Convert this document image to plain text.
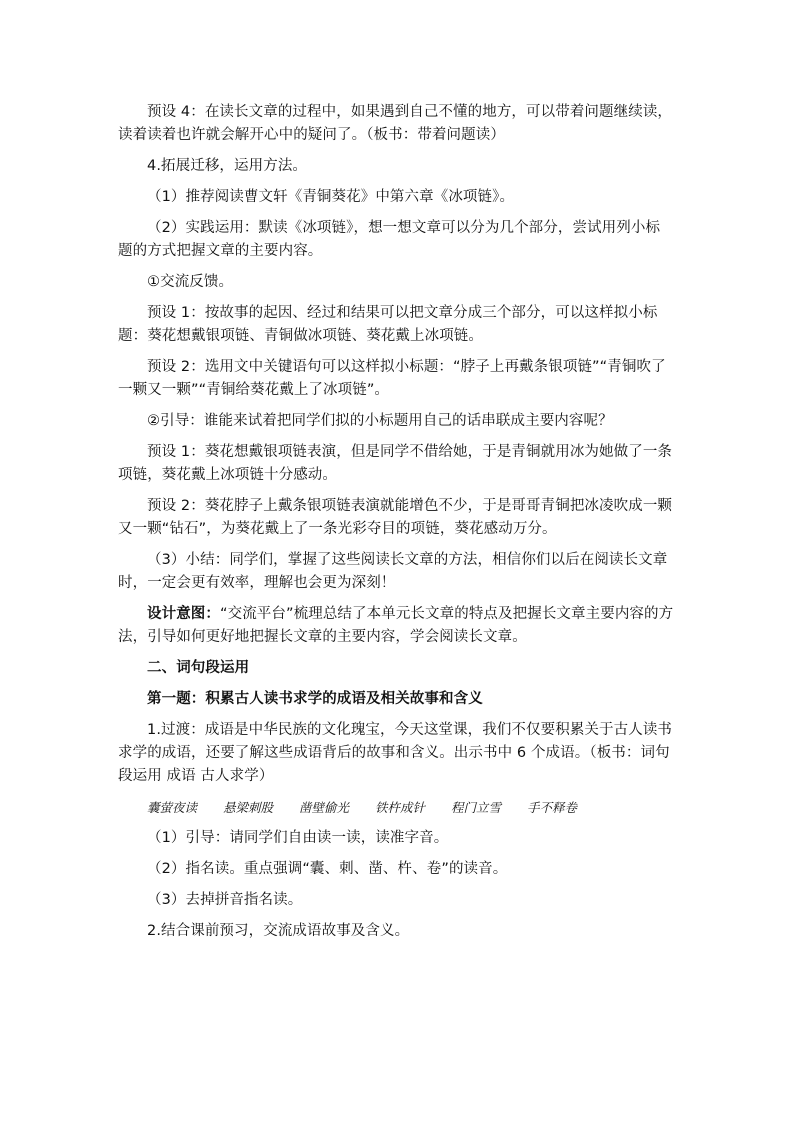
预设 4：在读长文章的过程中，如果遇到自己不懂的地方，可以带着问题继续读，读着读着也许就会解开心中的疑问了。（板书：带着问题读）

4.拓展迁移，运用方法。

（1）推荐阅读曹文轩《青铜葵花》中第六章《冰项链》。

（2）实践运用：默读《冰项链》，想一想文章可以分为几个部分，尝试用列小标题的方式把握文章的主要内容。

①交流反馈。

预设 1：按故事的起因、经过和结果可以把文章分成三个部分，可以这样拟小标题：葵花想戴银项链、青铜做冰项链、葵花戴上冰项链。

预设 2：选用文中关键语句可以这样拟小标题：“脖子上再戴条银项链”“青铜吹了一颗又一颗”“青铜给葵花戴上了冰项链”。

②引导：谁能来试着把同学们拟的小标题用自己的话串联成主要内容呢？

预设 1：葵花想戴银项链表演，但是同学不借给她，于是青铜就用冰为她做了一条项链，葵花戴上冰项链十分感动。

预设 2：葵花脖子上戴条银项链表演就能增色不少，于是哥哥青铜把冰凌吹成一颗又一颗“钻石”，为葵花戴上了一条光彩夺目的项链，葵花感动万分。

（3）小结：同学们，掌握了这些阅读长文章的方法，相信你们以后在阅读长文章时，一定会更有效率，理解也会更为深刻！

设计意图：“交流平台”梳理总结了本单元长文章的特点及把握长文章主要内容的方法，引导如何更好地把握长文章的主要内容，学会阅读长文章。

二、词句段运用

第一题：积累古人读书求学的成语及相关故事和含义

1.过渡：成语是中华民族的文化瑰宝，今天这堂课，我们不仅要积累关于古人读书求学的成语，还要了解这些成语背后的故事和含义。出示书中 6 个成语。（板书：词句段运用 成语 古人求学）

囊萤夜读 悬梁刺股 凿壁偷光 铁杵成针 程门立雪 手不释卷

（1）引导：请同学们自由读一读，读准字音。

（2）指名读。重点强调“囊、刺、凿、杵、卷”的读音。

（3）去掉拼音指名读。

2.结合课前预习，交流成语故事及含义。
